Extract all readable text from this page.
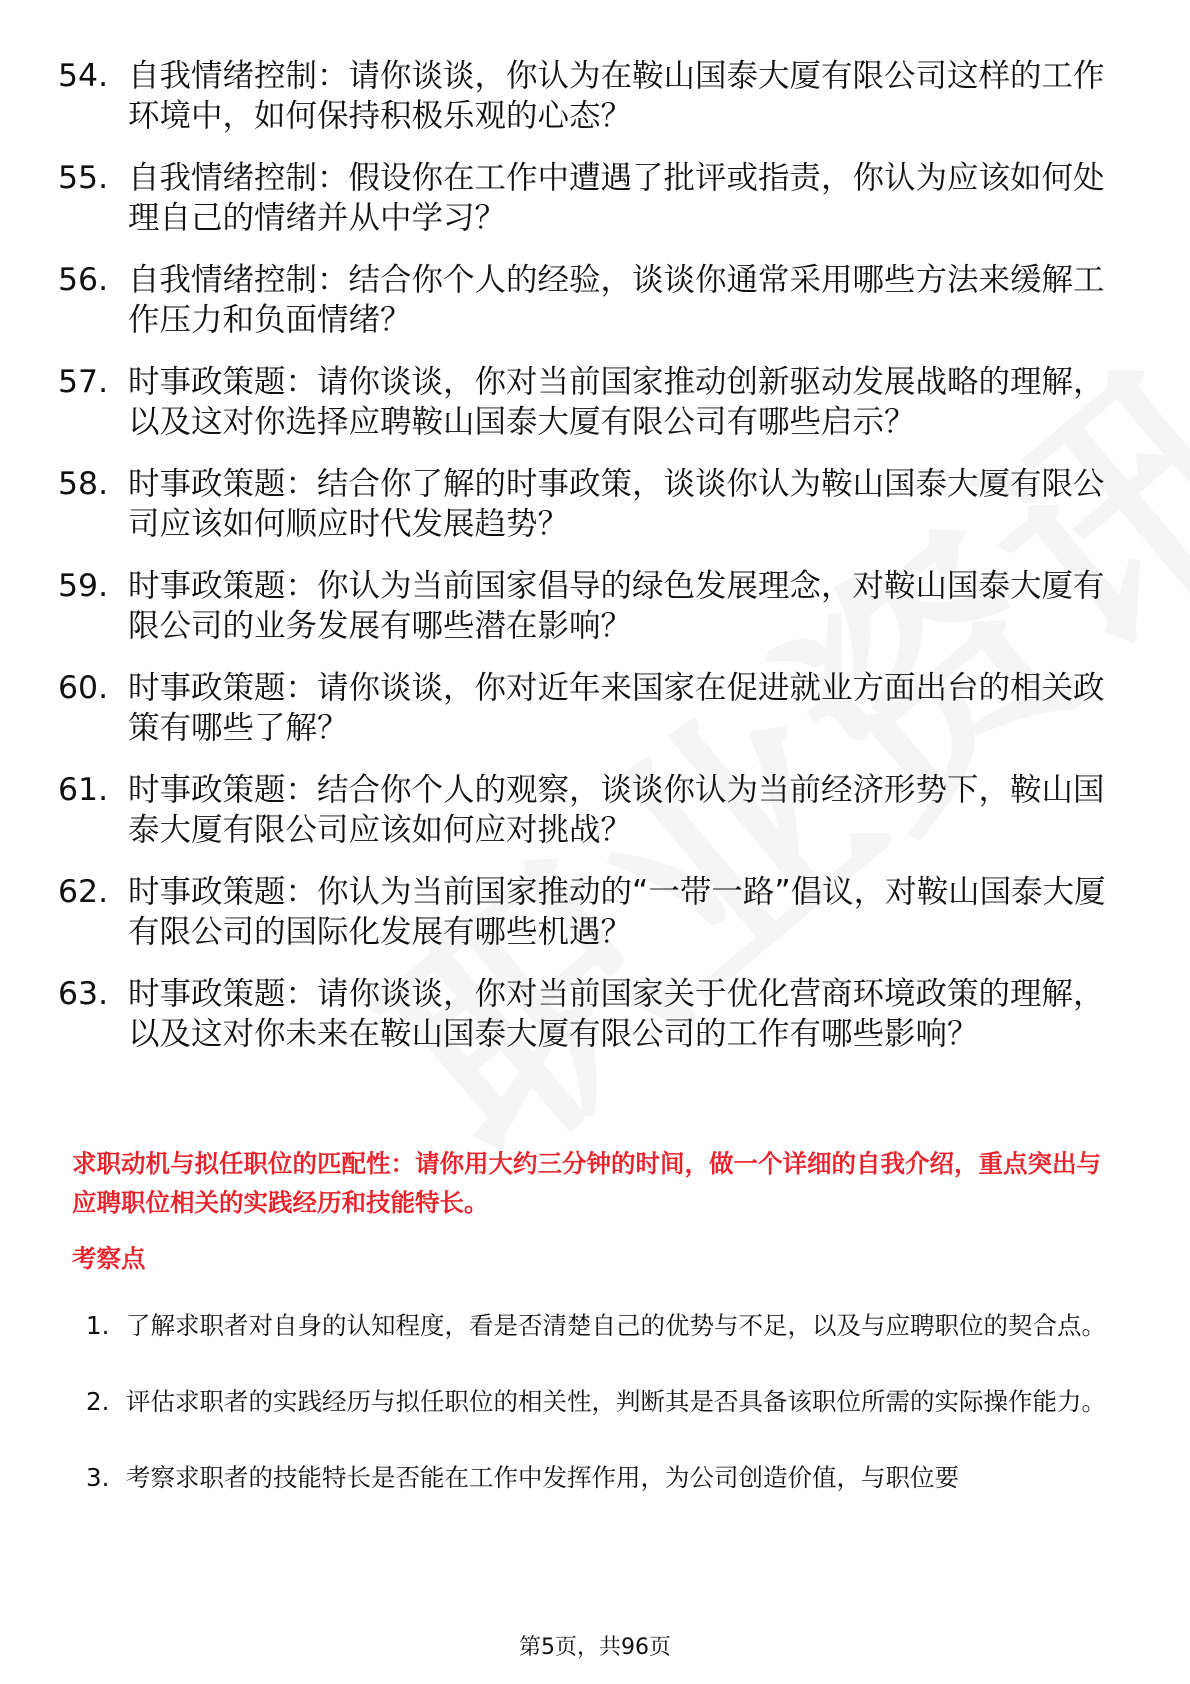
54. 自我情绪控制：请你谈谈，你认为在鞍山国泰大厦有限公司这样的工作环境中，如何保持积极乐观的心态？
55. 自我情绪控制：假设你在工作中遭遇了批评或指责，你认为应该如何处理自己的情绪并从中学习？
56. 自我情绪控制：结合你个人的经验，谈谈你通常采用哪些方法来缓解工作压力和负面情绪？
57. 时事政策题：请你谈谈，你对当前国家推动创新驱动发展战略的理解，以及这对你选择应聘鞍山国泰大厦有限公司有哪些启示？
58. 时事政策题：结合你了解的时事政策，谈谈你认为鞍山国泰大厦有限公司应该如何顺应时代发展趋势？
59. 时事政策题：你认为当前国家倡导的绿色发展理念，对鞍山国泰大厦有限公司的业务发展有哪些潜在影响？
60. 时事政策题：请你谈谈，你对近年来国家在促进就业方面出台的相关政策有哪些了解？
61. 时事政策题：结合你个人的观察，谈谈你认为当前经济形势下，鞍山国泰大厦有限公司应该如何应对挑战？
62. 时事政策题：你认为当前国家推动的“一带一路”倡议，对鞍山国泰大厦有限公司的国际化发展有哪些机遇？
63. 时事政策题：请你谈谈，你对当前国家关于优化营商环境政策的理解，以及这对你未来在鞍山国泰大厦有限公司的工作有哪些影响？
求职动机与拟任职位的匹配性：请你用大约三分钟的时间，做一个详细的自我介绍，重点突出与应聘职位相关的实践经历和技能特长。
考察点
1. 了解求职者对自身的认知程度，看是否清楚自己的优势与不足，以及与应聘职位的契合点。
2. 评估求职者的实践经历与拟任职位的相关性，判断其是否具备该职位所需的实际操作能力。
3. 考察求职者的技能特长是否能在工作中发挥作用，为公司创造价值，与职位要
第5页，共96页
